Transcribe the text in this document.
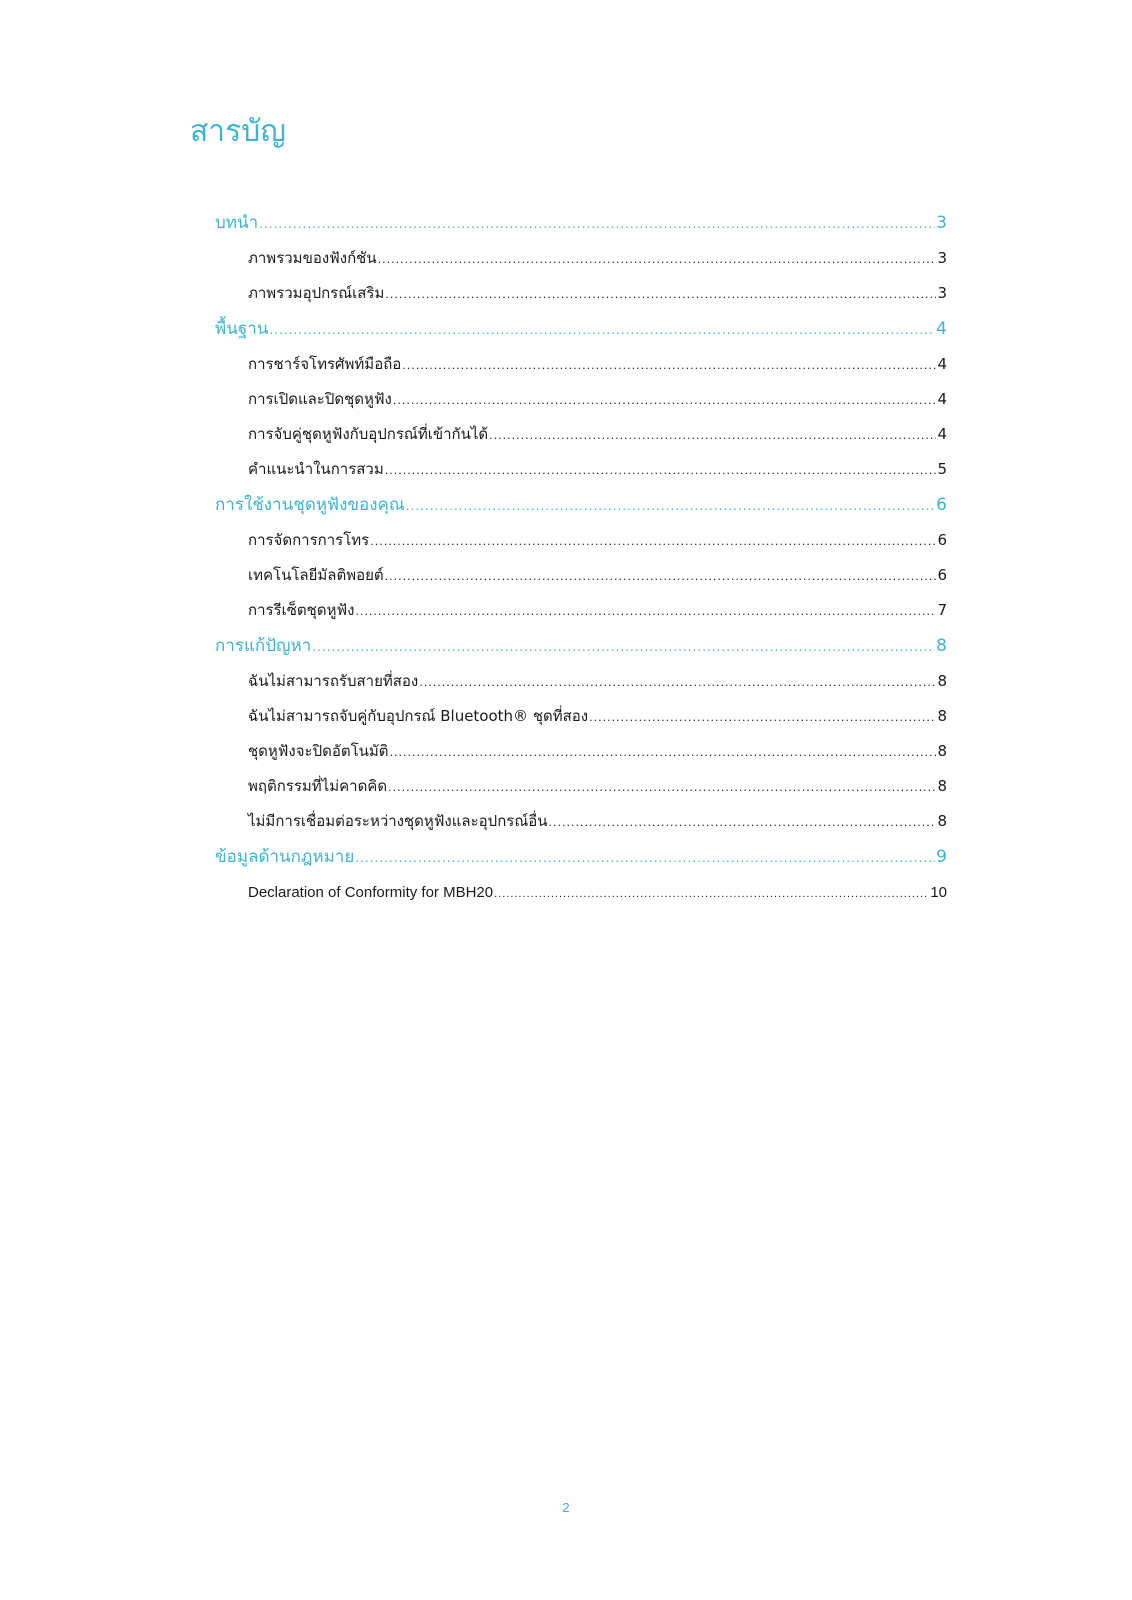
สารบัญ
บทนำ .....	3
ภาพรวมของฟังก์ชัน .....	3
ภาพรวมอุปกรณ์เสริม .....	3
พื้นฐาน .....	4
การชาร์จโทรศัพท์มือถือ .....	4
การเปิดและปิดชุดหูฟัง .....	4
การจับคู่ชุดหูฟังกับอุปกรณ์ที่เข้ากันได้ .....	4
คำแนะนำในการสวม .....	5
การใช้งานชุดหูฟังของคุณ .....	6
การจัดการการโทร .....	6
เทคโนโลยีมัลติพอยต์ .....	6
การรีเซ็ตชุดหูฟัง .....	7
การแก้ปัญหา .....	8
ฉันไม่สามารถรับสายที่สอง .....	8
ฉันไม่สามารถจับคู่กับอุปกรณ์ Bluetooth® ชุดที่สอง .....	8
ชุดหูฟังจะปิดอัตโนมัติ .....	8
พฤติกรรมที่ไม่คาดคิด .....	8
ไม่มีการเชื่อมต่อระหว่างชุดหูฟังและอุปกรณ์อื่น .....	8
ข้อมูลด้านกฎหมาย .....	9
Declaration of Conformity for MBH20 .....	10
2
